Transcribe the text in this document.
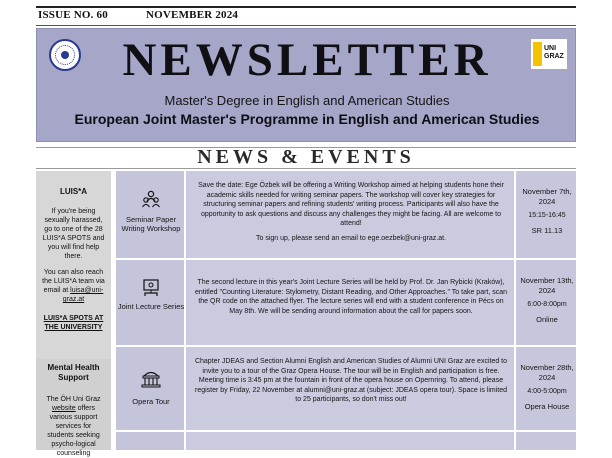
ISSUE NO. 60	NOVEMBER 2024
NEWSLETTER	UNI
GRAZ
Master's Degree in English and American Studies
European Joint Master's Programme in English and American Studies
NEWS & EVENTS
LUIS*A
If you're being sexually harassed, go to one of the 28 LUIS*A SPOTS and you will find help there.
You can also reach the LUIS*A team via email at luisa@uni-graz.at
LUIS*A SPOTS AT THE UNIVERSITY
Mental Health Support
The ÖH Uni Graz website offers various support services for students seeking psycho-logical counseling
Seminar Paper Writing Workshop

Save the date: Ege Özbek will be offering a Writing Workshop aimed at helping students hone their academic skills needed for writing seminar papers. The workshop will cover key strategies for structuring seminar papers and refining students' writing process. Participants will also have the opportunity to ask questions and discuss any challenges they might be facing. All are welcome to attend!

To sign up, please send an email to ege.oezbek@uni-graz.at.

November 7th, 2024
15:15-16:45
SR 11.13
Joint Lecture Series

The second lecture in this year's Joint Lecture Series will be held by Prof. Dr. Jan Rybicki (Kraków), entitled "Counting Literature: Stylometry, Distant Reading, and Other Approaches." To take part, scan the QR code on the attached flyer. The lecture series will end with a student conference in Pécs on May 8th. We will be sending around information about the call for papers soon.

November 13th, 2024
6:00-8:00pm
Online
Opera Tour

Chapter JDEAS and Section Alumni English and American Studies of Alumni UNI Graz are excited to invite you to a tour of the Graz Opera House. The tour will be in English and participation is free. Meeting time is 3:45 pm at the fountain in front of the opera house on Opernring. To attend, please register by Friday, 22 November at alumni@uni-graz.at (subject: JDEAS opera tour). Space is limited to 25 participants, so don't miss out!

November 28th, 2024
4:00-5:00pm
Opera House
